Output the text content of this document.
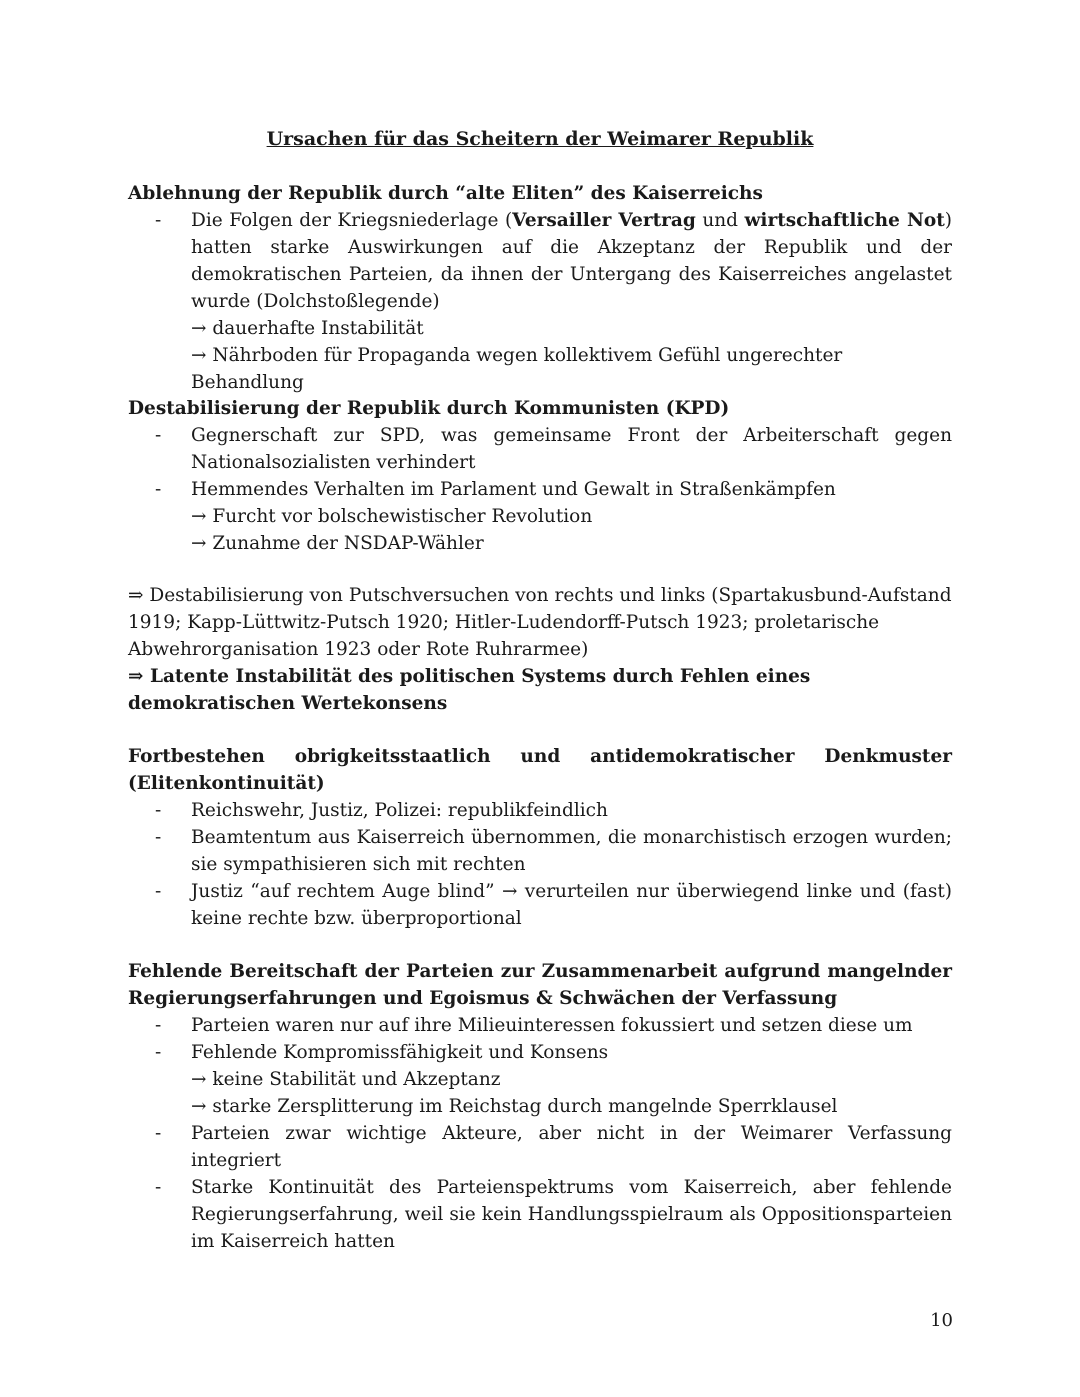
Ursachen für das Scheitern der Weimarer Republik

Ablehnung der Republik durch “alte Eliten” des Kaiserreichs

- Die Folgen der Kriegsniederlage (Versailler Vertrag und wirtschaftliche Not) hatten starke Auswirkungen auf die Akzeptanz der Republik und der demokratischen Parteien, da ihnen der Untergang des Kaiserreiches angelastet wurde (Dolchstoßlegende)
→ dauerhafte Instabilität
→ Nährboden für Propaganda wegen kollektivem Gefühl ungerechter Behandlung

Destabilisierung der Republik durch Kommunisten (KPD)

- Gegnerschaft zur SPD, was gemeinsame Front der Arbeiterschaft gegen Nationalsozialisten verhindert
- Hemmendes Verhalten im Parlament und Gewalt in Straßenkämpfen
→ Furcht vor bolschewistischer Revolution
→ Zunahme der NSDAP-Wähler

⇒ Destabilisierung von Putschversuchen von rechts und links (Spartakusbund-Aufstand 1919; Kapp-Lüttwitz-Putsch 1920; Hitler-Ludendorff-Putsch 1923; proletarische Abwehrorganisation 1923 oder Rote Ruhrarmee)

⇒ Latente Instabilität des politischen Systems durch Fehlen eines demokratischen Wertekonsens

Fortbestehen obrigkeitsstaatlich und antidemokratischer Denkmuster

(Elitenkontinuität)

- Reichswehr, Justiz, Polizei: republikfeindlich
- Beamtentum aus Kaiserreich übernommen, die monarchistisch erzogen wurden; sie sympathisieren sich mit rechten
- Justiz “auf rechtem Auge blind” → verurteilen nur überwiegend linke und (fast) keine rechte bzw. überproportional

Fehlende Bereitschaft der Parteien zur Zusammenarbeit aufgrund mangelnder Regierungserfahrungen und Egoismus & Schwächen der Verfassung

- Parteien waren nur auf ihre Milieuinteressen fokussiert und setzen diese um
- Fehlende Kompromissfähigkeit und Konsens
→ keine Stabilität und Akzeptanz
→ starke Zersplitterung im Reichstag durch mangelnde Sperrklausel
- Parteien zwar wichtige Akteure, aber nicht in der Weimarer Verfassung integriert
- Starke Kontinuität des Parteienspektrums vom Kaiserreich, aber fehlende Regierungserfahrung, weil sie kein Handlungsspielraum als Oppositionsparteien im Kaiserreich hatten
10
